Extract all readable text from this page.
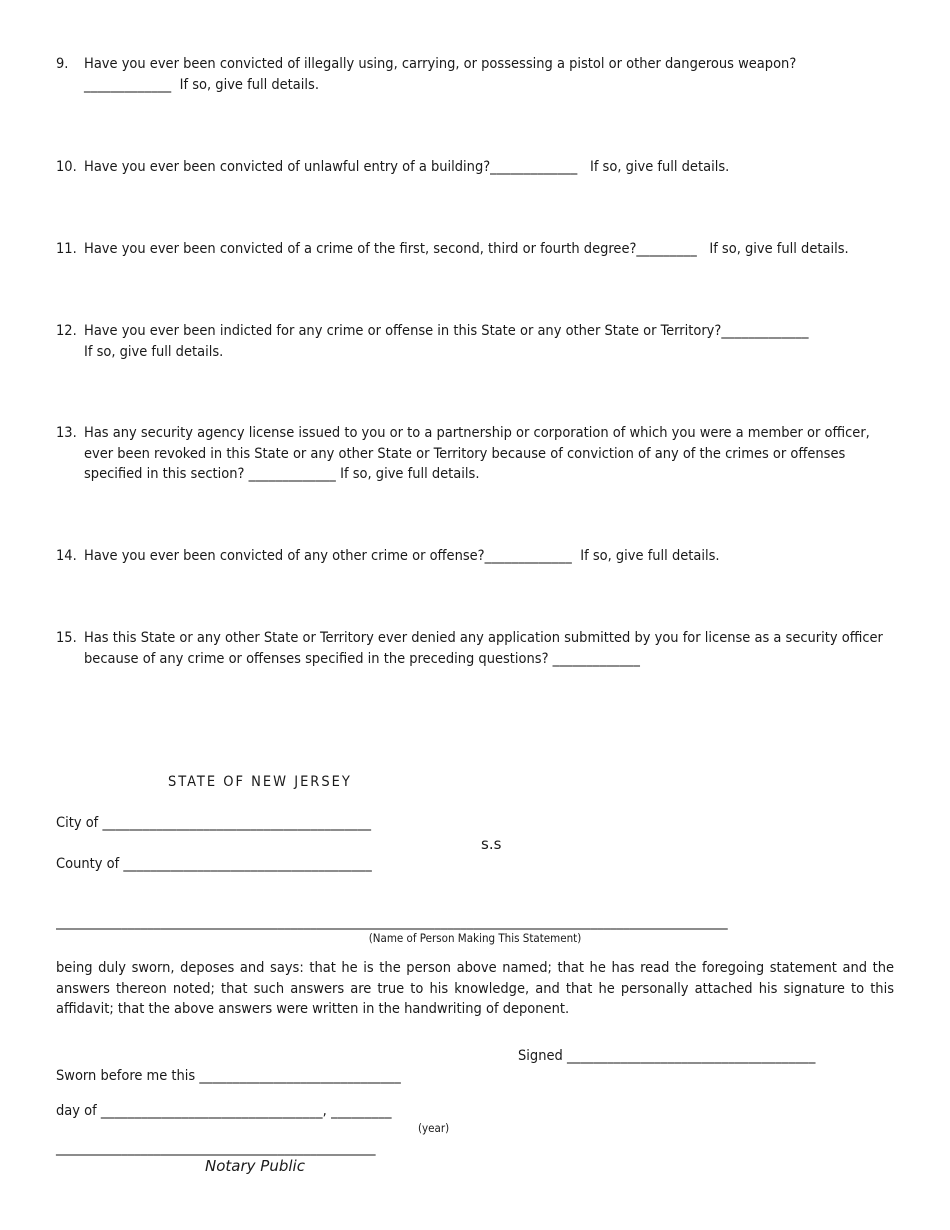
9.	Have you ever been convicted of illegally using, carrying, or possessing a pistol or other dangerous weapon?
_____________ If so, give full details.
10. Have you ever been convicted of unlawful entry of a building?_____________ If so, give full details.
11. Have you ever been convicted of a crime of the first, second, third or fourth degree?_________ If so, give full details.
12. Have you ever been indicted for any crime or offense in this State or any other State or Territory?_____________
If so, give full details.
13. Has any security agency license issued to you or to a partnership or corporation of which you were a member or officer, ever been revoked in this State or any other State or Territory because of conviction of any of the crimes or offenses specified in this section? _____________ If so, give full details.
14. Have you ever been convicted of any other crime or offense?_____________ If so, give full details.
15. Has this State or any other State or Territory ever denied any application submitted by you for license as a security officer because of any crime or offenses specified in the preceding questions? _____________
STATE OF NEW JERSEY
City of ________________________________________
s.s
County of _____________________________________
_______________________________________________________________________________________________________
(Name of Person Making This Statement)
being duly sworn, deposes and says: that he is the person above named; that he has read the foregoing statement and the answers thereon noted; that such answers are true to his knowledge, and that he personally attached his signature to this affidavit; that the above answers were written in the handwriting of deponent.
Signed _____________________________________
Sworn before me this ______________________________
day of _________________________________, _________
(year)
_________________________________________________
Notary Public
